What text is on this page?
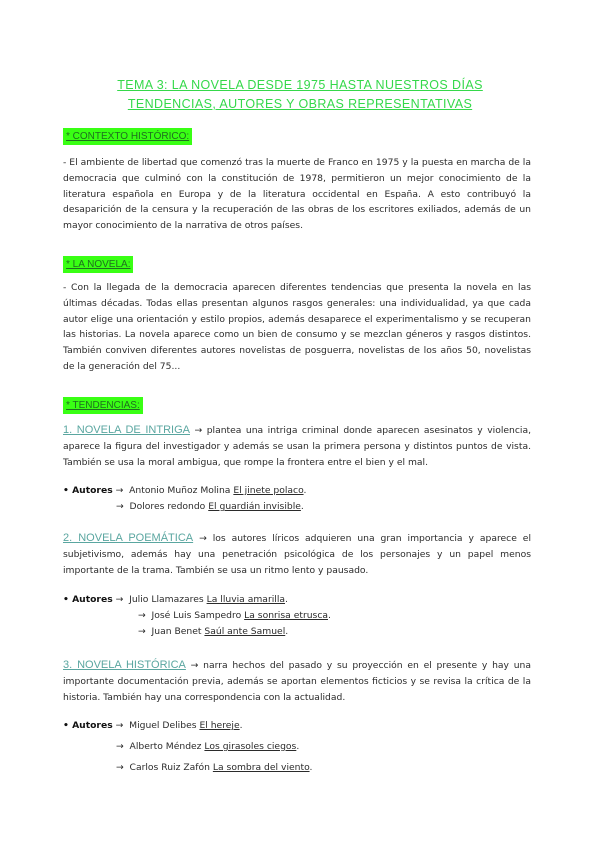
TEMA 3: LA NOVELA DESDE 1975 HASTA NUESTROS DÍAS

TENDENCIAS, AUTORES Y OBRAS REPRESENTATIVAS

* CONTEXTO HISTÓRICO:

- El ambiente de libertad que comenzó tras la muerte de Franco en 1975 y la puesta en marcha de la democracia que culminó con la constitución de 1978, permitieron un mejor conocimiento de la literatura española en Europa y de la literatura occidental en España. A esto contribuyó la desaparición de la censura y la recuperación de las obras de los escritores exiliados, además de un mayor conocimiento de la narrativa de otros países.

* LA NOVELA:

- Con la llegada de la democracia aparecen diferentes tendencias que presenta la novela en las últimas décadas. Todas ellas presentan algunos rasgos generales: una individualidad, ya que cada autor elige una orientación y estilo propios, además desaparece el experimentalismo y se recuperan las historias. La novela aparece como un bien de consumo y se mezclan géneros y rasgos distintos. También conviven diferentes autores novelistas de posguerra, novelistas de los años 50, novelistas de la generación del 75...

* TENDENCIAS:

1. NOVELA DE INTRIGA → plantea una intriga criminal donde aparecen asesinatos y violencia, aparece la figura del investigador y además se usan la primera persona y distintos puntos de vista. También se usa la moral ambigua, que rompe la frontera entre el bien y el mal.

• Autores → Antonio Muñoz Molina El jinete polaco.
→ Dolores redondo El guardián invisible.

2. NOVELA POEMÁTICA → los autores líricos adquieren una gran importancia y aparece el subjetivismo, además hay una penetración psicológica de los personajes y un papel menos importante de la trama. También se usa un ritmo lento y pausado.

• Autores → Julio Llamazares La lluvia amarilla.
→ José Luis Sampedro La sonrisa etrusca.
→ Juan Benet Saúl ante Samuel.

3. NOVELA HISTÓRICA → narra hechos del pasado y su proyección en el presente y hay una importante documentación previa, además se aportan elementos ficticios y se revisa la crítica de la historia. También hay una correspondencia con la actualidad.

• Autores → Miguel Delibes El hereje.
→ Alberto Méndez Los girasoles ciegos.
→ Carlos Ruiz Zafón La sombra del viento.
